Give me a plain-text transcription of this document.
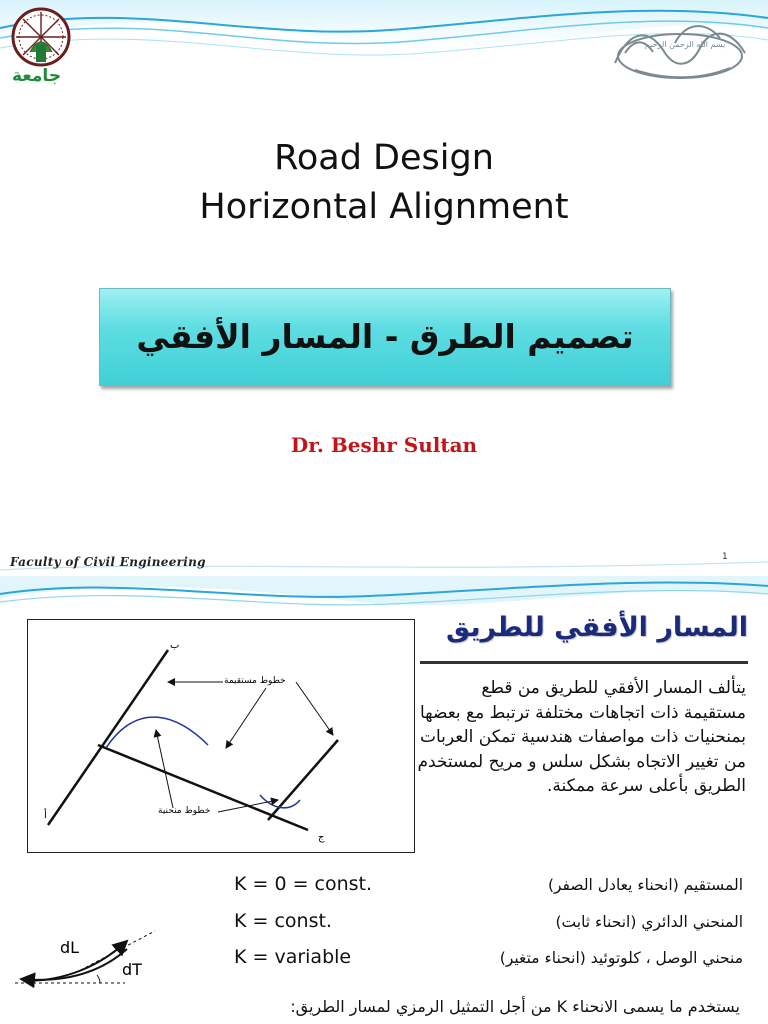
جامعة
بسم الله الرحمن الرحيم
Road Design
Horizontal Alignment
تصميم الطرق - المسار الأفقي
Dr. Beshr Sultan
Faculty of Civil Engineering	1
المسار الأفقي للطريق
يتألف المسار الأفقي للطريق من قطع مستقيمة ذات اتجاهات مختلفة ترتبط مع بعضها بمنحنيات ذات مواصفات هندسية تمكن العربات من تغيير الاتجاه بشكل سلس و مريح لمستخدم الطريق بأعلى سرعة ممكنة.
خطوط مستقيمة
خطوط منحنية
ب
أ
ج
K = 0 = const.	المستقيم (انحناء يعادل الصفر)
K = const.	المنحني الدائري (انحناء ثابت)
K = variable	منحني الوصل ، كلوتوئيد (انحناء متغير)
dL
dT
يستخدم ما يسمى الانحناء K من أجل التمثيل الرمزي لمسار الطريق:
